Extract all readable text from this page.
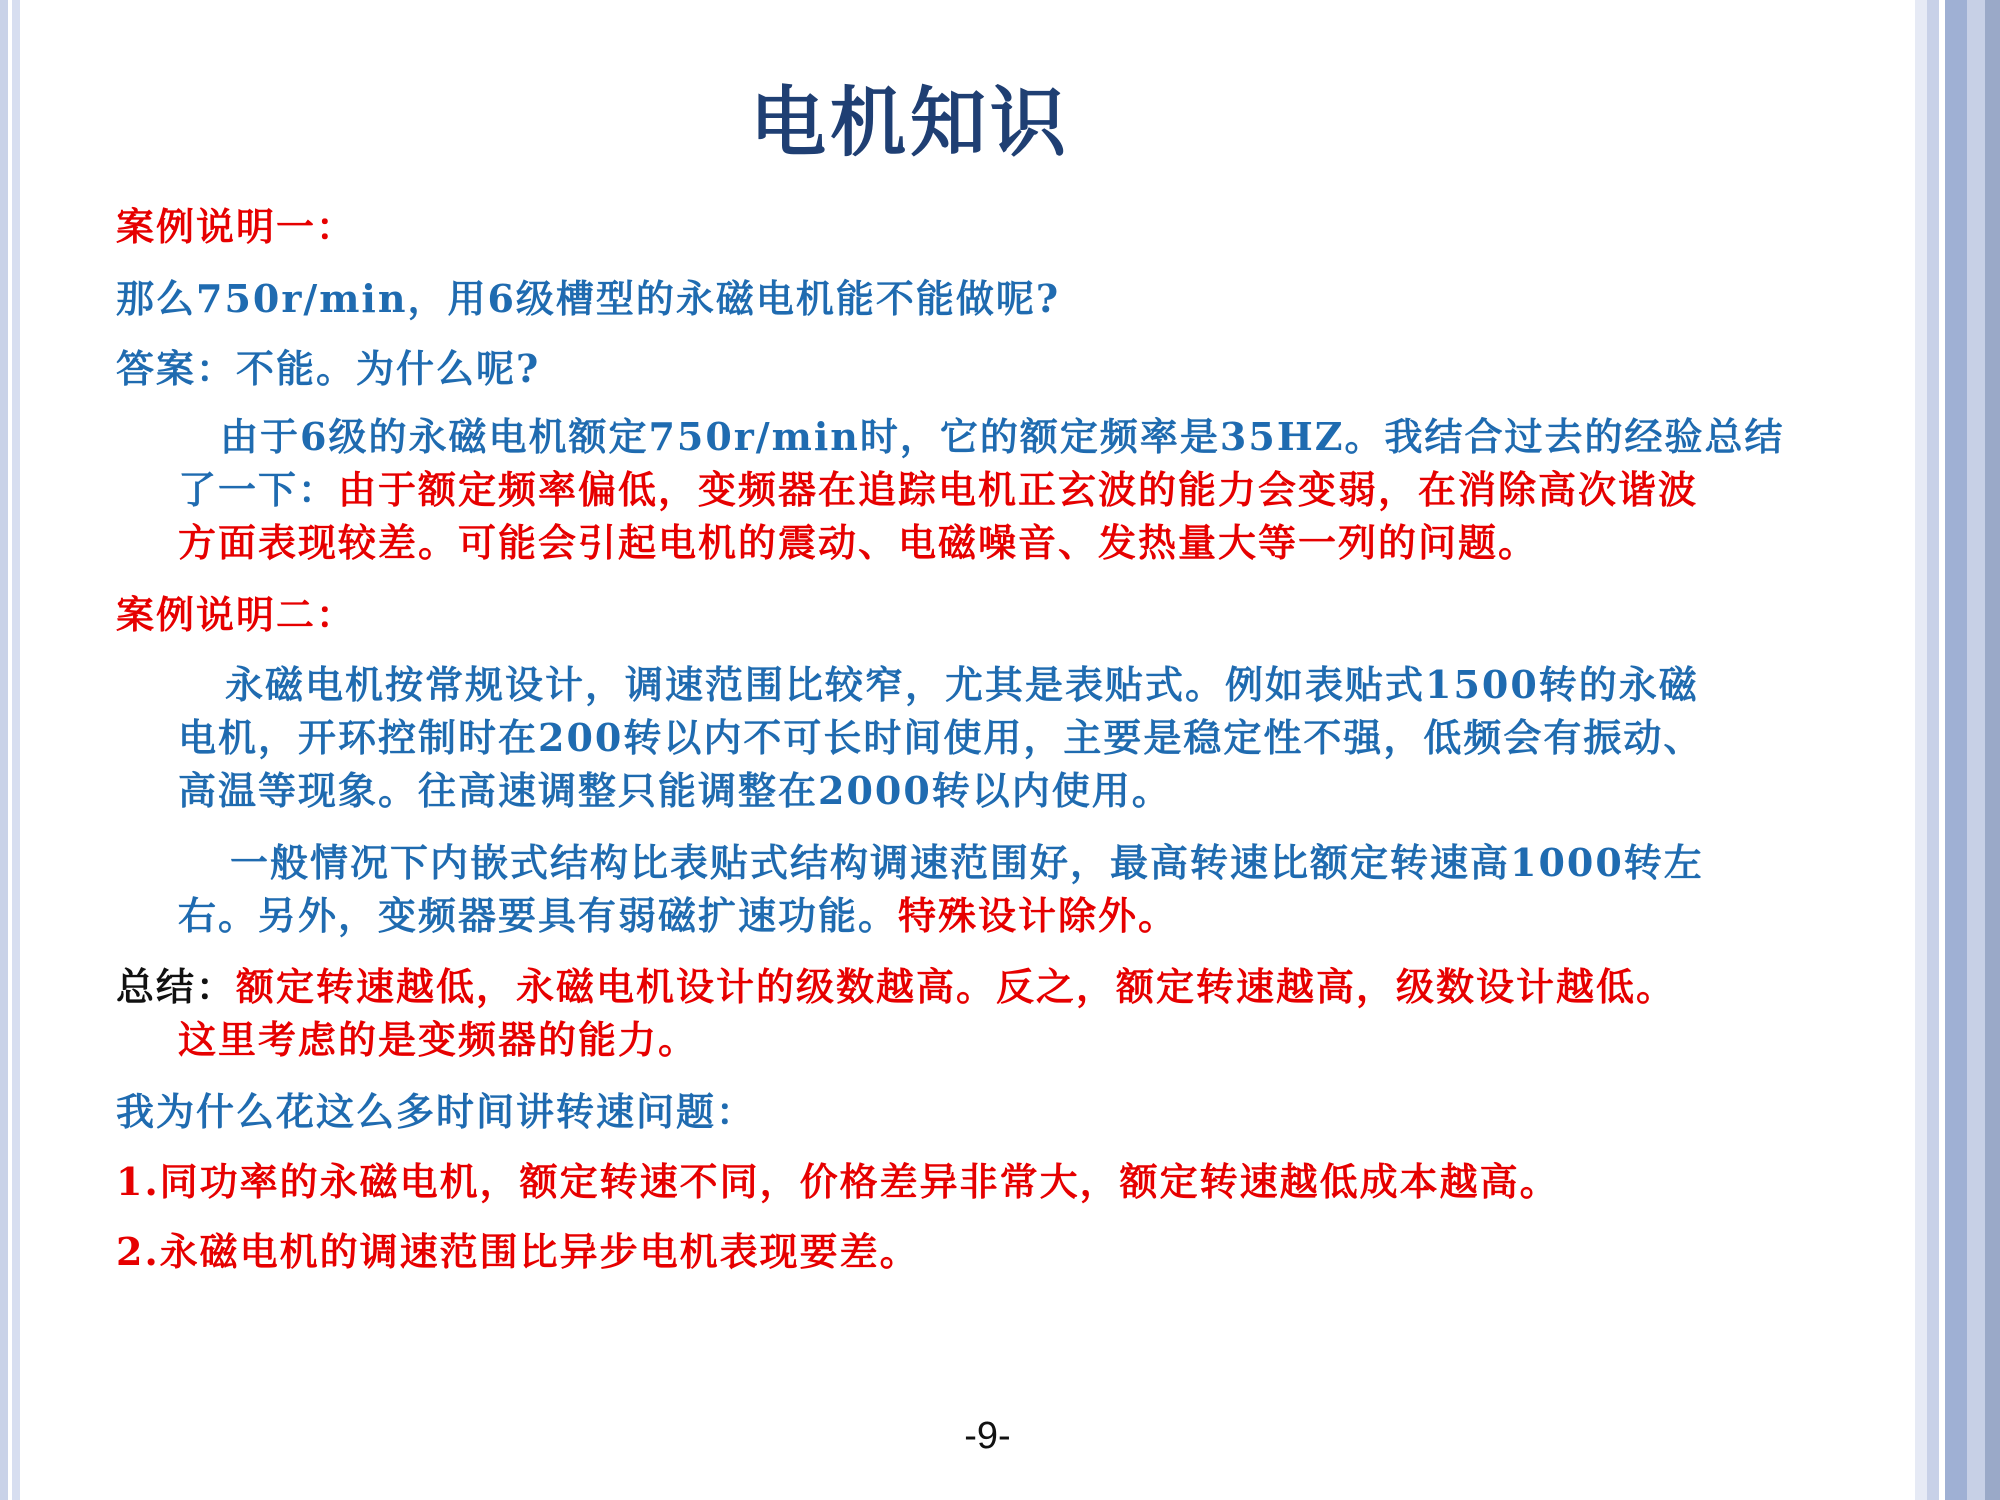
电机知识
案例说明一：
那么750r/min，用6级槽型的永磁电机能不能做呢?
答案：不能。为什么呢?
由于6级的永磁电机额定750r/min时，它的额定频率是35HZ。我结合过去的经验总结
了一下：由于额定频率偏低，变频器在追踪电机正玄波的能力会变弱，在消除高次谐波
方面表现较差。可能会引起电机的震动、电磁噪音、发热量大等一列的问题。
案例说明二：
永磁电机按常规设计，调速范围比较窄，尤其是表贴式。例如表贴式1500转的永磁
电机，开环控制时在200转以内不可长时间使用，主要是稳定性不强，低频会有振动、
高温等现象。往高速调整只能调整在2000转以内使用。
一般情况下内嵌式结构比表贴式结构调速范围好，最高转速比额定转速高1000转左
右。另外，变频器要具有弱磁扩速功能。特殊设计除外。
总结：额定转速越低，永磁电机设计的级数越高。反之，额定转速越高，级数设计越低。
这里考虑的是变频器的能力。
我为什么花这么多时间讲转速问题：
1.同功率的永磁电机，额定转速不同，价格差异非常大，额定转速越低成本越高。
2.永磁电机的调速范围比异步电机表现要差。
-9-
